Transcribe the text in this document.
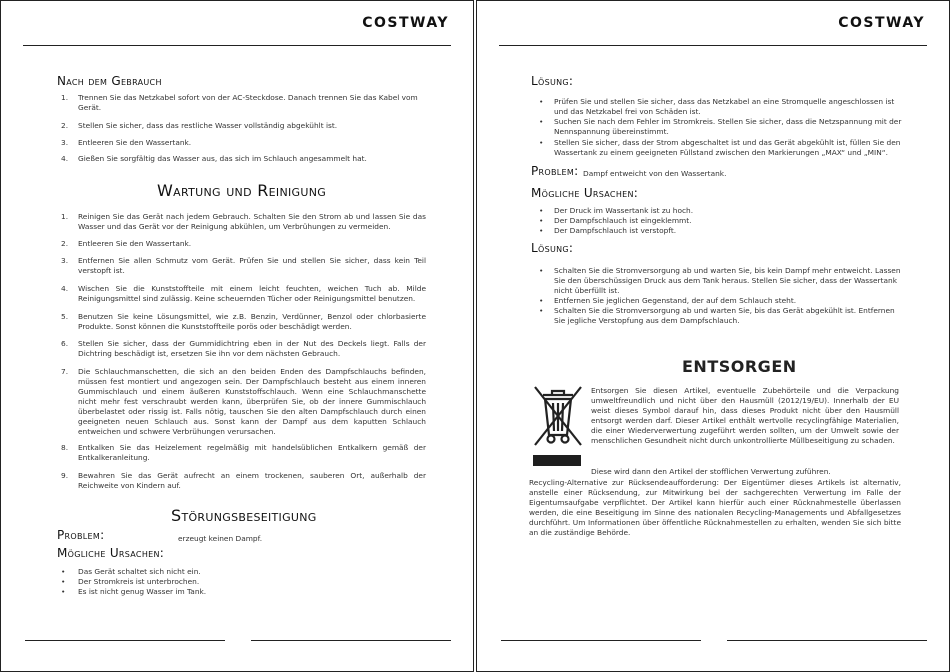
COSTWAY
Nach dem Gebrauch
1. Trennen Sie das Netzkabel sofort von der AC-Steckdose. Danach trennen Sie das Kabel vom Gerät.
2. Stellen Sie sicher, dass das restliche Wasser vollständig abgekühlt ist.
3. Entleeren Sie den Wassertank.
4. Gießen Sie sorgfältig das Wasser aus, das sich im Schlauch angesammelt hat.
Wartung und Reinigung
1. Reinigen Sie das Gerät nach jedem Gebrauch. Schalten Sie den Strom ab und lassen Sie das Wasser und das Gerät vor der Reinigung abkühlen, um Verbrühungen zu vermeiden.
2. Entleeren Sie den Wassertank.
3. Entfernen Sie allen Schmutz vom Gerät. Prüfen Sie und stellen Sie sicher, dass kein Teil verstopft ist.
4. Wischen Sie die Kunststoffteile mit einem leicht feuchten, weichen Tuch ab. Milde Reinigungsmittel sind zulässig. Keine scheuernden Tücher oder Reinigungsmittel benutzen.
5. Benutzen Sie keine Lösungsmittel, wie z.B. Benzin, Verdünner, Benzol oder chlorbasierte Produkte. Sonst können die Kunststoffteile porös oder beschädigt werden.
6. Stellen Sie sicher, dass der Gummidichtring eben in der Nut des Deckels liegt. Falls der Dichtring beschädigt ist, ersetzen Sie ihn vor dem nächsten Gebrauch.
7. Die Schlauchmanschetten, die sich an den beiden Enden des Dampfschlauchs befinden, müssen fest montiert und angezogen sein. Der Dampfschlauch besteht aus einem inneren Gummischlauch und einem äußeren Kunststoffschlauch. Wenn eine Schlauchmanschette nicht mehr fest verschraubt werden kann, überprüfen Sie, ob der innere Gummischlauch überbelastet oder rissig ist. Falls nötig, tauschen Sie den alten Dampfschlauch durch einen geeigneten neuen Schlauch aus. Sonst kann der Dampf aus dem kaputten Schlauch entweichen und schwere Verbrühungen verursachen.
8. Entkalken Sie das Heizelement regelmäßig mit handelsüblichen Entkalkern gemäß der Entkalkeranleitung.
9. Bewahren Sie das Gerät aufrecht an einem trockenen, sauberen Ort, außerhalb der Reichweite von Kindern auf.
Störungsbeseitigung
Problem:	erzeugt keinen Dampf.
Mögliche Ursachen:
• Das Gerät schaltet sich nicht ein.
• Der Stromkreis ist unterbrochen.
• Es ist nicht genug Wasser im Tank.
COSTWAY
Lösung:
• Prüfen Sie und stellen Sie sicher, dass das Netzkabel an eine Stromquelle angeschlossen ist und das Netzkabel frei von Schäden ist.
• Suchen Sie nach dem Fehler im Stromkreis. Stellen Sie sicher, dass die Netzspannung mit der Nennspannung übereinstimmt.
• Stellen Sie sicher, dass der Strom abgeschaltet ist und das Gerät abgekühlt ist, füllen Sie den Wassertank zu einem geeigneten Füllstand zwischen den Markierungen „MAX“ und „MIN“.
Problem: Dampf entweicht von den Wassertank.
Mögliche Ursachen:
• Der Druck im Wassertank ist zu hoch.
• Der Dampfschlauch ist eingeklemmt.
• Der Dampfschlauch ist verstopft.
Lösung:
• Schalten Sie die Stromversorgung ab und warten Sie, bis kein Dampf mehr entweicht. Lassen Sie den überschüssigen Druck aus dem Tank heraus. Stellen Sie sicher, dass der Wassertank nicht überfüllt ist.
• Entfernen Sie jeglichen Gegenstand, der auf dem Schlauch steht.
• Schalten Sie die Stromversorgung ab und warten Sie, bis das Gerät abgekühlt ist. Entfernen Sie jegliche Verstopfung aus dem Dampfschlauch.
ENTSORGEN
Entsorgen Sie diesen Artikel, eventuelle Zubehörteile und die Verpackung umweltfreundlich und nicht über den Hausmüll (2012/19/EU). Innerhalb der EU weist dieses Symbol darauf hin, dass dieses Produkt nicht über den Hausmüll entsorgt werden darf. Dieser Artikel enthält wertvolle recyclingfähige Materialien, die einer Wiederverwertung zugeführt werden sollten, um der Umwelt sowie der menschlichen Gesundheit nicht durch unkontrollierte Müllbeseitigung zu schaden.
Diese wird dann den Artikel der stofflichen Verwertung zuführen.
Recycling-Alternative zur Rücksendeaufforderung: Der Eigentümer dieses Artikels ist alternativ, anstelle einer Rücksendung, zur Mitwirkung bei der sachgerechten Verwertung im Falle der Eigentumsaufgabe verpflichtet. Der Artikel kann hierfür auch einer Rücknahmestelle überlassen werden, die eine Beseitigung im Sinne des nationalen Recycling-Managements und Abfallgesetzes durchführt. Um Informationen über öffentliche Rücknahmestellen zu erhalten, wenden Sie sich bitte an die zuständige Behörde.
